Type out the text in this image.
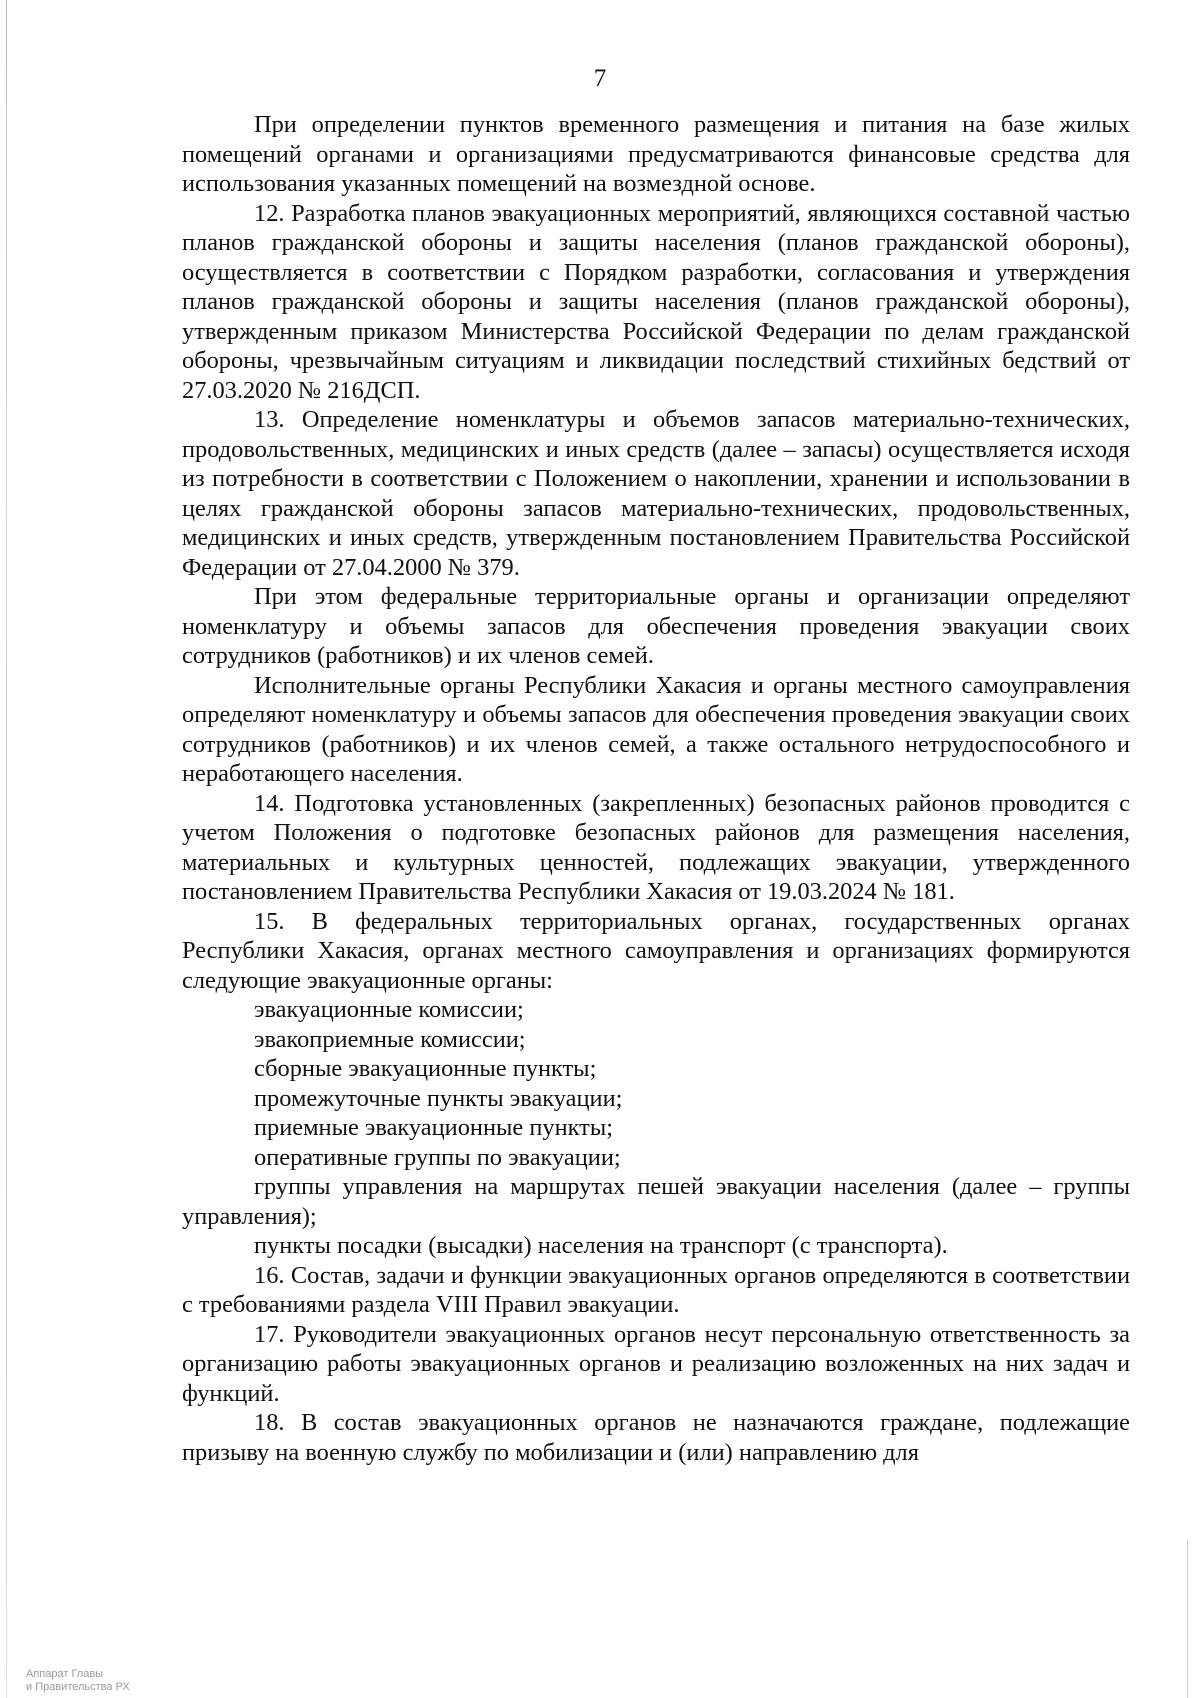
7

При определении пунктов временного размещения и питания на базе жилых помещений органами и организациями предусматриваются финансовые средства для использования указанных помещений на возмездной основе.

12. Разработка планов эвакуационных мероприятий, являющихся составной частью планов гражданской обороны и защиты населения (планов гражданской обороны), осуществляется в соответствии с Порядком разработки, согласования и утверждения планов гражданской обороны и защиты населения (планов гражданской обороны), утвержденным приказом Министерства Российской Федерации по делам гражданской обороны, чрезвычайным ситуациям и ликвидации последствий стихийных бедствий от 27.03.2020 № 216ДСП.

13. Определение номенклатуры и объемов запасов материально-технических, продовольственных, медицинских и иных средств (далее – запасы) осуществляется исходя из потребности в соответствии с Положением о накоплении, хранении и использовании в целях гражданской обороны запасов материально-технических, продовольственных, медицинских и иных средств, утвержденным постановлением Правительства Российской Федерации от 27.04.2000 № 379.

При этом федеральные территориальные органы и организации определяют номенклатуру и объемы запасов для обеспечения проведения эвакуации своих сотрудников (работников) и их членов семей.

Исполнительные органы Республики Хакасия и органы местного самоуправления определяют номенклатуру и объемы запасов для обеспечения проведения эвакуации своих сотрудников (работников) и их членов семей, а также остального нетрудоспособного и неработающего населения.

14. Подготовка установленных (закрепленных) безопасных районов проводится с учетом Положения о подготовке безопасных районов для размещения населения, материальных и культурных ценностей, подлежащих эвакуации, утвержденного постановлением Правительства Республики Хакасия от 19.03.2024 № 181.

15. В федеральных территориальных органах, государственных органах Республики Хакасия, органах местного самоуправления и организациях формируются следующие эвакуационные органы:

эвакуационные комиссии;

эвакоприемные комиссии;

сборные эвакуационные пункты;

промежуточные пункты эвакуации;

приемные эвакуационные пункты;

оперативные группы по эвакуации;

группы управления на маршрутах пешей эвакуации населения (далее – группы управления);

пункты посадки (высадки) населения на транспорт (с транспорта).

16. Состав, задачи и функции эвакуационных органов определяются в соответствии с требованиями раздела VIII Правил эвакуации.

17. Руководители эвакуационных органов несут персональную ответственность за организацию работы эвакуационных органов и реализацию возложенных на них задач и функций.

18. В состав эвакуационных органов не назначаются граждане, подлежащие призыву на военную службу по мобилизации и (или) направлению для

Аппарат Главы
и Правительства РХ
